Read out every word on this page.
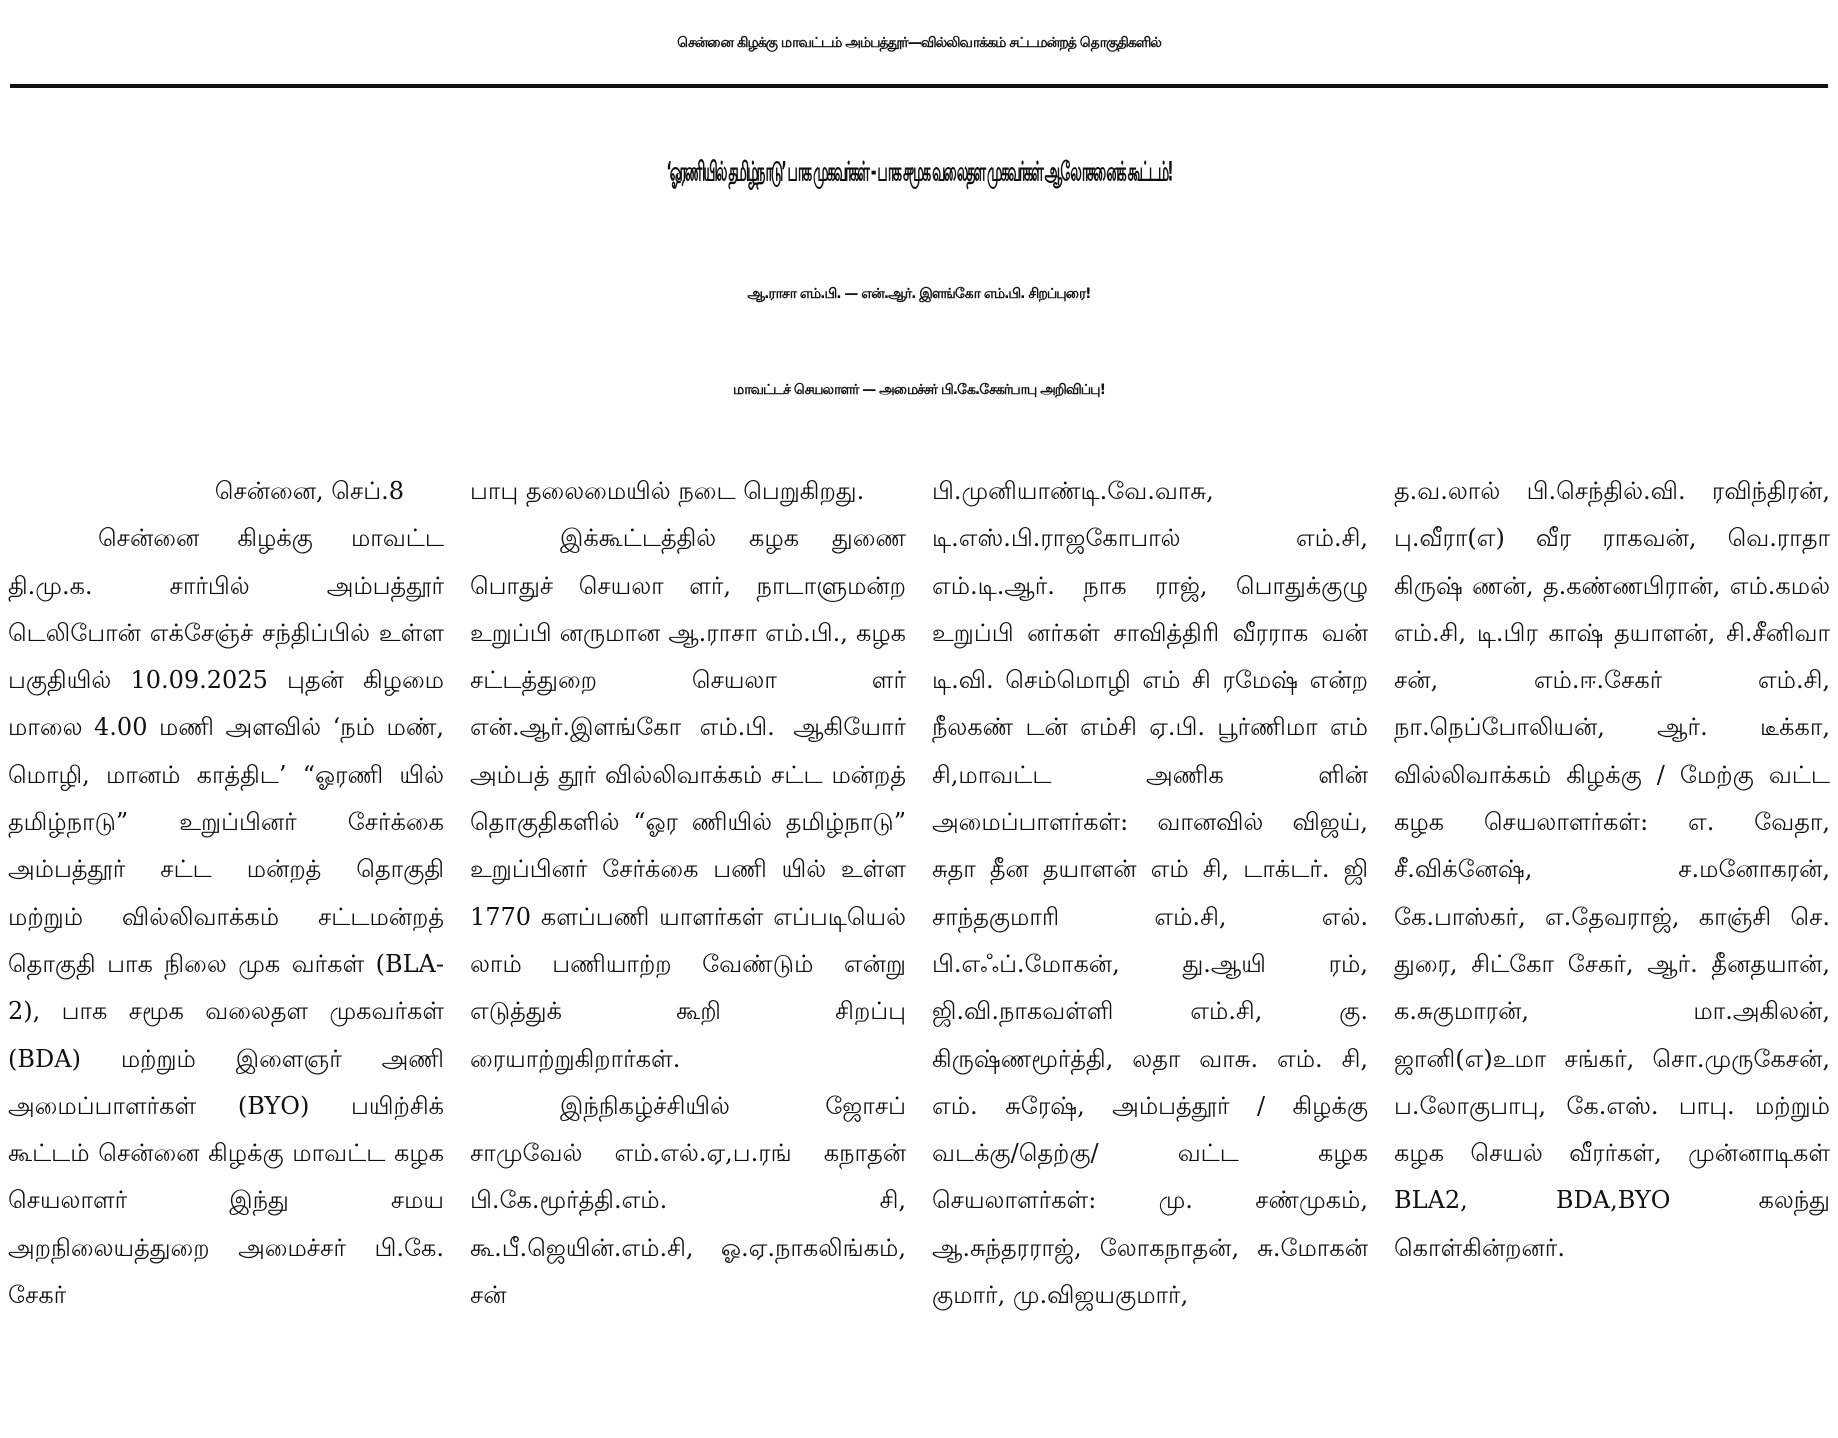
சென்னை கிழக்கு மாவட்டம் அம்பத்தூர்—வில்லிவாக்கம் சட்டமன்றத் தொகுதிகளில்
‘ஓரணியில் தமிழ்நாடு’ பாக முகவர்கள் - பாக சமூக வலைதள முகவர்கள் ஆலோசனைக் கூட்டம்!
ஆ.ராசா எம்.பி. — என்.ஆர். இளங்கோ எம்.பி. சிறப்புரை!
மாவட்டச் செயலாளர் — அமைச்சர் பி.கே.சேகர்பாபு அறிவிப்பு!
சென்னை, செப்.8

சென்னை கிழக்கு மாவட்ட தி.மு.க. சார்பில் அம்பத்தூர் டெலிபோன் எக்சேஞ்ச் சந்திப்பில் உள்ள பகுதியில் 10.09.2025 புதன் கிழமை மாலை 4.00 மணி அளவில் ‘நம் மண், மொழி, மானம் காத்திட’ “ஓரணி யில் தமிழ்நாடு” உறுப்பினர் சேர்க்கை அம்பத்தூர் சட்ட மன்றத் தொகுதி மற்றும் வில்லிவாக்கம் சட்டமன்றத் தொகுதி பாக நிலை முக வர்கள் (BLA-2), பாக சமூக வலைதள முகவர்கள் (BDA) மற்றும் இளைஞர் அணி அமைப்பாளர்கள் (BYO) பயிற்சிக் கூட்டம் சென்னை கிழக்கு மாவட்ட கழக செயலாளர் இந்து சமய அறநிலையத்துறை அமைச்சர் பி.கே. சேகர்

பாபு தலைமையில் நடை பெறுகிறது.

இக்கூட்டத்தில் கழக துணை பொதுச் செயலா ளர், நாடாளுமன்ற உறுப்பி னருமான ஆ.ராசா எம்.பி., கழக சட்டத்துறை செயலா ளர் என்.ஆர்.இளங்கோ எம்.பி. ஆகியோர் அம்பத் தூர் வில்லிவாக்கம் சட்ட மன்றத் தொகுதிகளில் “ஓர ணியில் தமிழ்நாடு” உறுப்பினர் சேர்க்கை பணி யில் உள்ள 1770 களப்பணி யாளர்கள் எப்படியெல் லாம் பணியாற்ற வேண்டும் என்று எடுத்துக் கூறி சிறப்பு ரையாற்றுகிறார்கள்.

இந்நிகழ்ச்சியில் ஜோசப் சாமுவேல் எம்.எல்.ஏ,ப.ரங் கநாதன் பி.கே.மூர்த்தி.எம். சி, கூ.பீ.ஜெயின்.எம்.சி, ஓ.ஏ.நாகலிங்கம், சன்

பி.முனியாண்டி.வே.வாசு, டி.எஸ்.பி.ராஜகோபால் எம்.சி, எம்.டி.ஆர். நாக ராஜ், பொதுக்குழு உறுப்பி னர்கள் சாவித்திரி வீரராக வன் டி.வி. செம்மொழி எம் சி ரமேஷ் என்ற நீலகண் டன் எம்சி ஏ.பி. பூர்ணிமா எம் சி,மாவட்ட அணிக ளின் அமைப்பாளர்கள்: வானவில் விஜய், சுதா தீன தயாளன் எம் சி, டாக்டர். ஜி சாந்தகுமாரி எம்.சி, எல். பி.எஃப்.மோகன், து.ஆயி ரம், ஜி.வி.நாகவள்ளி எம்.சி, கு. கிருஷ்ணமூர்த்தி, லதா வாசு. எம். சி, எம். சுரேஷ், அம்பத்தூர் / கிழக்கு வடக்கு/தெற்கு/ வட்ட கழக செயலாளர்கள்: மு. சண்முகம், ஆ.சுந்தரராஜ், லோகநாதன், சு.மோகன் குமார், மு.விஜயகுமார்,

த.வ.லால் பி.செந்தில்.வி. ரவிந்திரன், பு.வீரா(எ) வீர ராகவன், வெ.ராதா கிருஷ் ணன், த.கண்ணபிரான், எம்.கமல் எம்.சி, டி.பிர காஷ் தயாளன், சி.சீனிவா சன், எம்.ஈ.சேகர் எம்.சி, நா.நெப்போலியன், ஆர். டீக்கா, வில்லிவாக்கம் கிழக்கு / மேற்கு வட்ட கழக செயலாளர்கள்: எ. வேதா, சீ.விக்னேஷ், ச.மனோகரன், கே.பாஸ்கர், எ.தேவராஜ், காஞ்சி செ. துரை, சிட்கோ சேகர், ஆர். தீனதயான், க.சுகுமாரன், மா.அகிலன், ஜானி(எ)உமா சங்கர், சொ.முருகேசன், ப.லோகுபாபு, கே.எஸ். பாபு. மற்றும் கழக செயல் வீரர்கள், முன்னாடிகள் BLA2, BDA,BYO கலந்து கொள்கின்றனர்.
